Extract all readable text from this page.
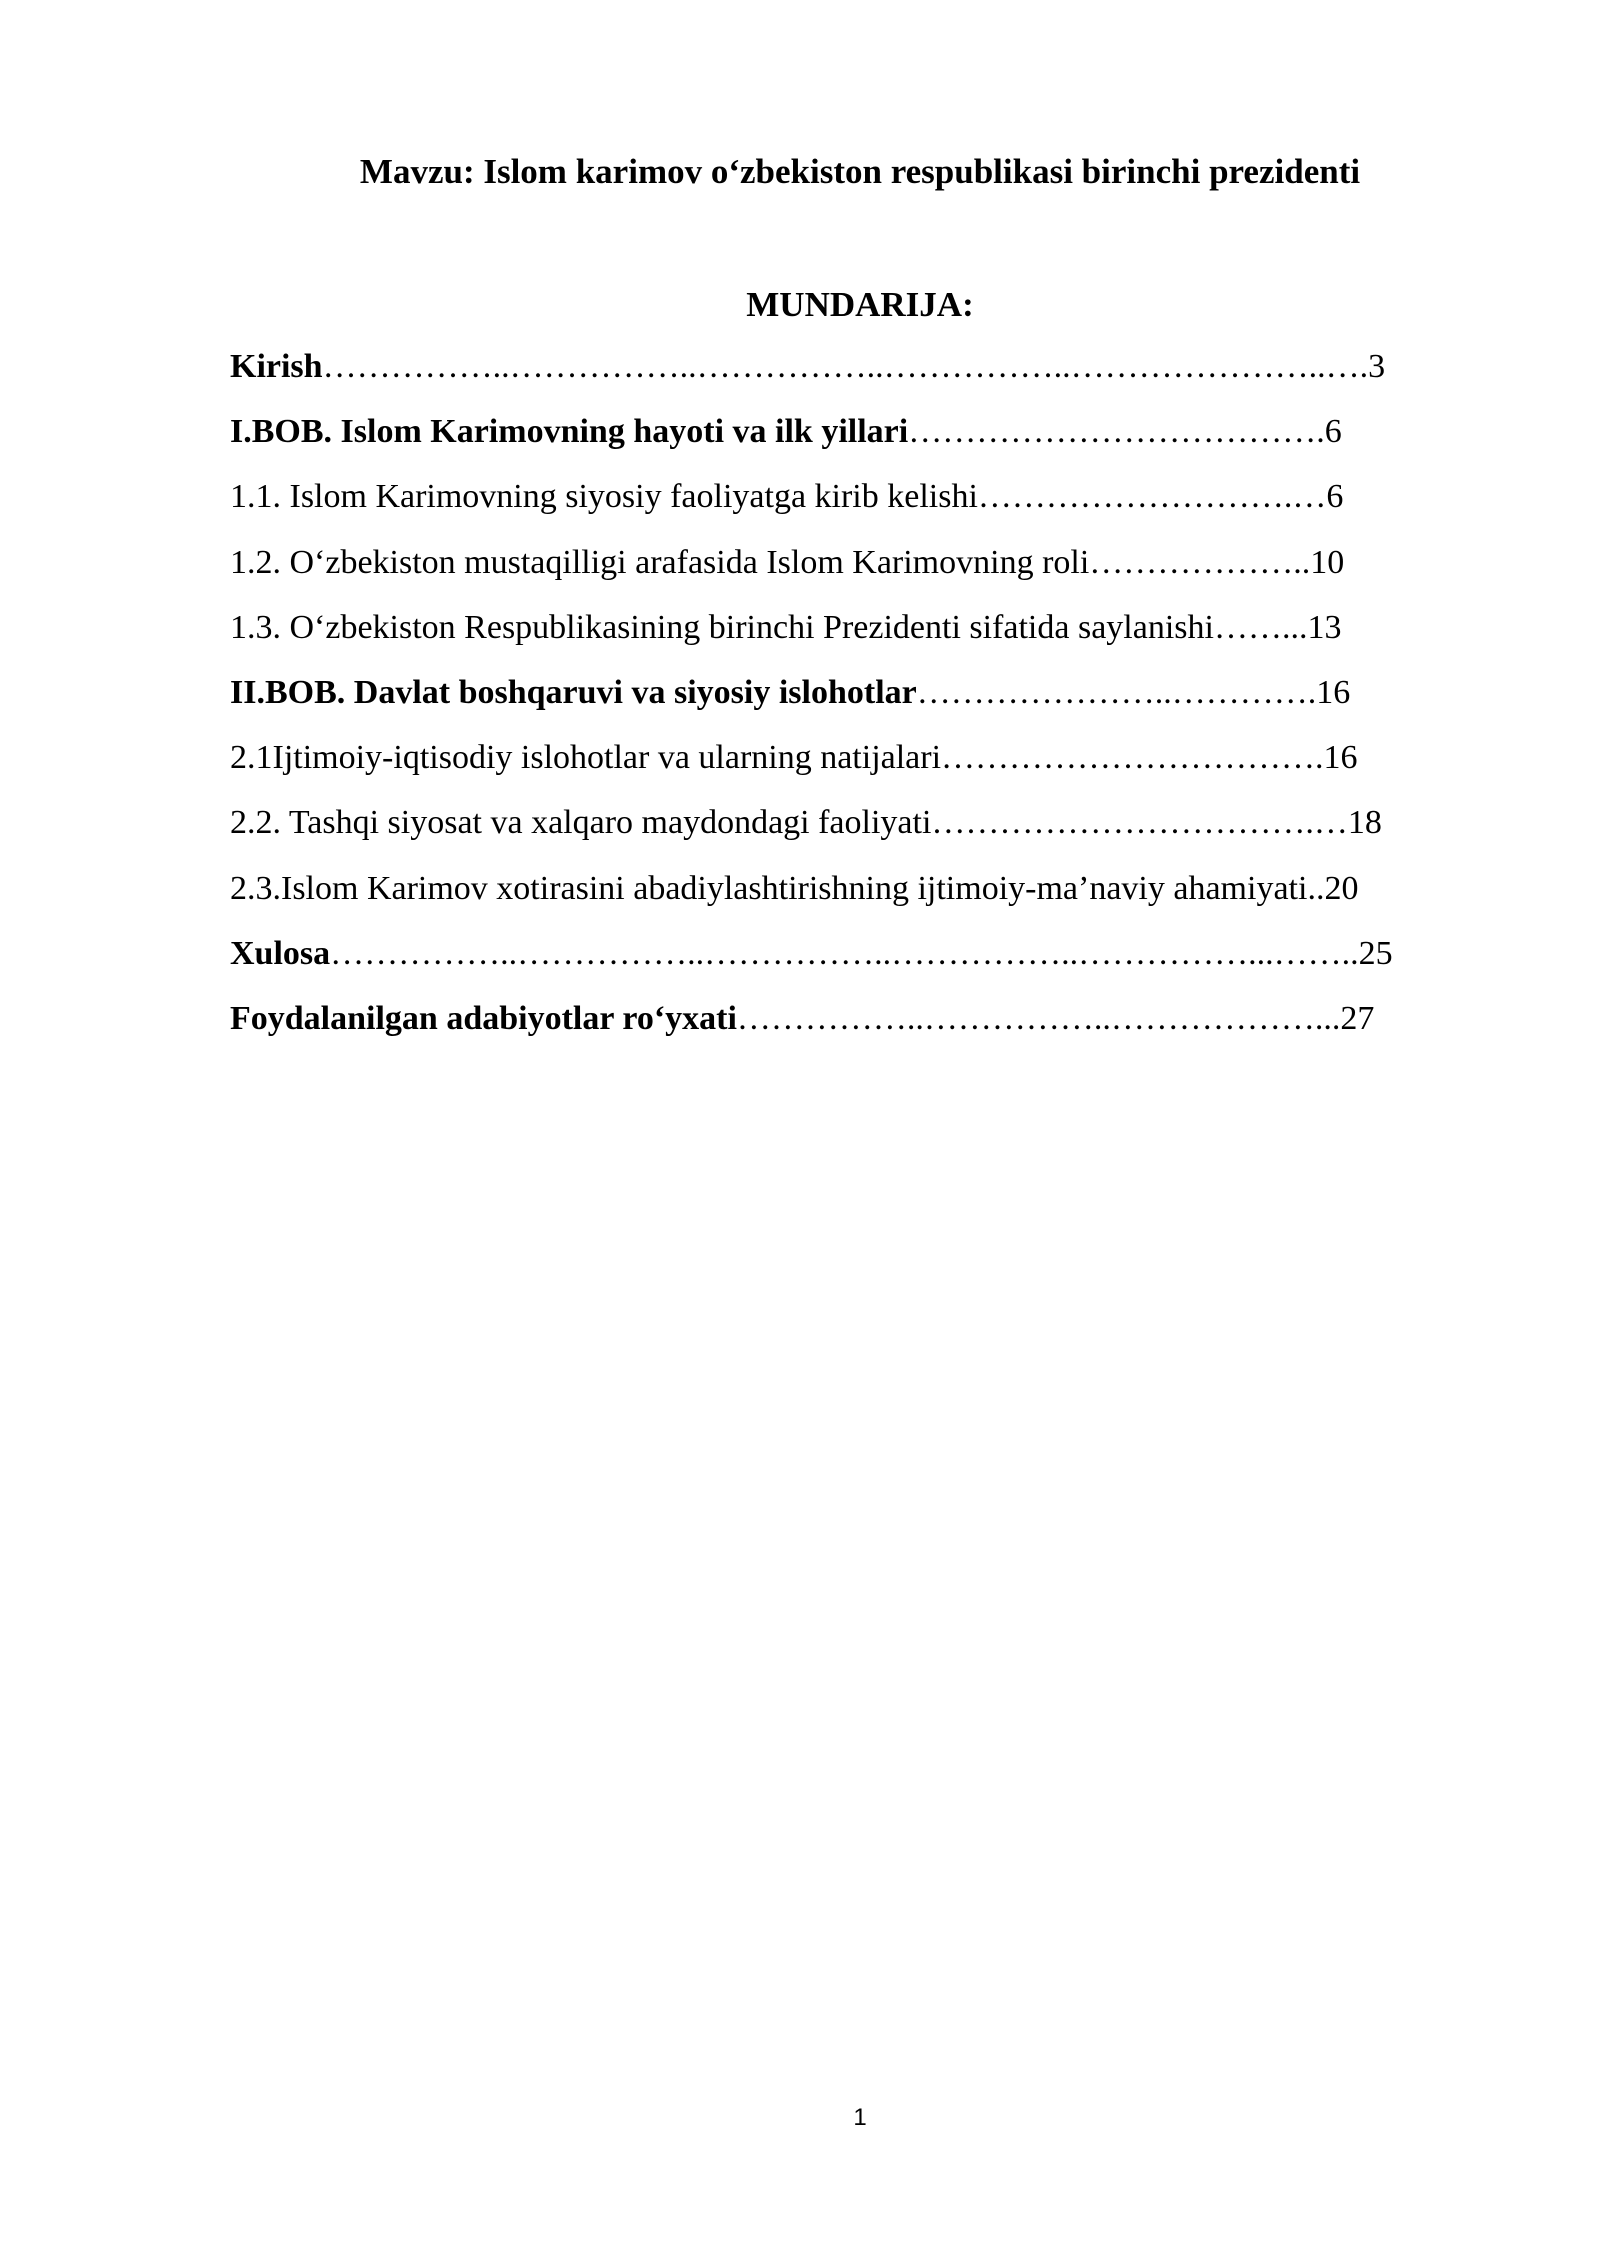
Mavzu: Islom karimov o‘zbekiston respublikasi birinchi prezidenti
MUNDARIJA:
Kirish……………..……………..……………..……………..…………………..….3
I.BOB. Islom Karimovning hayoti va ilk yillari……………………………….6
1.1. Islom Karimovning siyosiy faoliyatga kirib kelishi……………………….…6
1.2. O‘zbekiston mustaqilligi arafasida Islom Karimovning roli………………..10
1.3. O‘zbekiston Respublikasining birinchi Prezidenti sifatida saylanishi……...13
II.BOB. Davlat boshqaruvi va siyosiy islohotlar…………………..………….16
2.1Ijtimoiy-iqtisodiy islohotlar va ularning natijalari…………………………….16
2.2. Tashqi siyosat va xalqaro maydondagi faoliyati…………………………….…18
2.3.Islom Karimov xotirasini abadiylashtirishning ijtimoiy-ma’naviy ahamiyati..20
Xulosa……………..……………..……………..……………..……………...……..25
Foydalanilgan adabiyotlar ro‘yxati……………..……………..………………...27
1
